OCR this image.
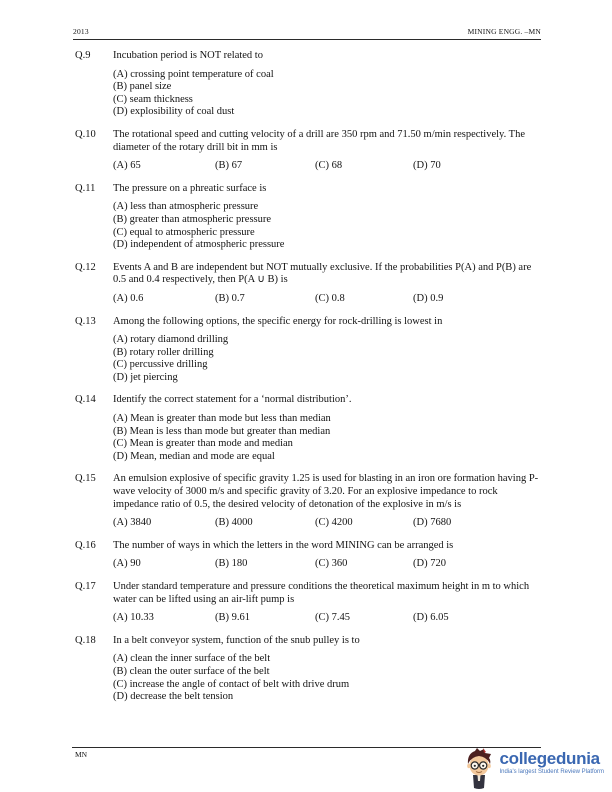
2013	MINING ENGG. –MN
Q.9	Incubation period is NOT related to
(A) crossing point temperature of coal
(B) panel size
(C) seam thickness
(D) explosibility of coal dust
Q.10	The rotational speed and cutting velocity of a drill are 350 rpm and 71.50 m/min respectively. The diameter of the rotary drill bit in mm is
(A) 65	(B) 67	(C) 68	(D) 70
Q.11	The pressure on a phreatic surface is
(A) less than atmospheric pressure
(B) greater than atmospheric pressure
(C) equal to atmospheric pressure
(D) independent of atmospheric pressure
Q.12	Events A and B are independent but NOT mutually exclusive. If the probabilities P(A) and P(B) are 0.5 and 0.4 respectively, then P(A ∪ B) is
(A) 0.6	(B) 0.7	(C) 0.8	(D) 0.9
Q.13	Among the following options, the specific energy for rock-drilling is lowest in
(A) rotary diamond drilling
(B) rotary roller drilling
(C) percussive drilling
(D) jet piercing
Q.14	Identify the correct statement for a ‘normal distribution’.
(A) Mean is greater than mode but less than median
(B) Mean is less than mode but greater than median
(C) Mean is greater than mode and median
(D) Mean, median and mode are equal
Q.15	An emulsion explosive of specific gravity 1.25 is used for blasting in an iron ore formation having P-wave velocity of 3000 m/s and specific gravity of 3.20. For an explosive impedance to rock impedance ratio of 0.5, the desired velocity of detonation of the explosive in m/s is
(A) 3840	(B) 4000	(C) 4200	(D) 7680
Q.16	The number of ways in which the letters in the word MINING can be arranged is
(A) 90	(B) 180	(C) 360	(D) 720
Q.17	Under standard temperature and pressure conditions the theoretical maximum height in m to which water can be lifted using an air-lift pump is
(A) 10.33	(B) 9.61	(C) 7.45	(D) 6.05
Q.18	In a belt conveyor system, function of the snub pulley is to
(A) clean the inner surface of the belt
(B) clean the outer surface of the belt
(C) increase the angle of contact of belt with drive drum
(D) decrease the belt tension
MN	collegedunia
India's largest Student Review Platform
